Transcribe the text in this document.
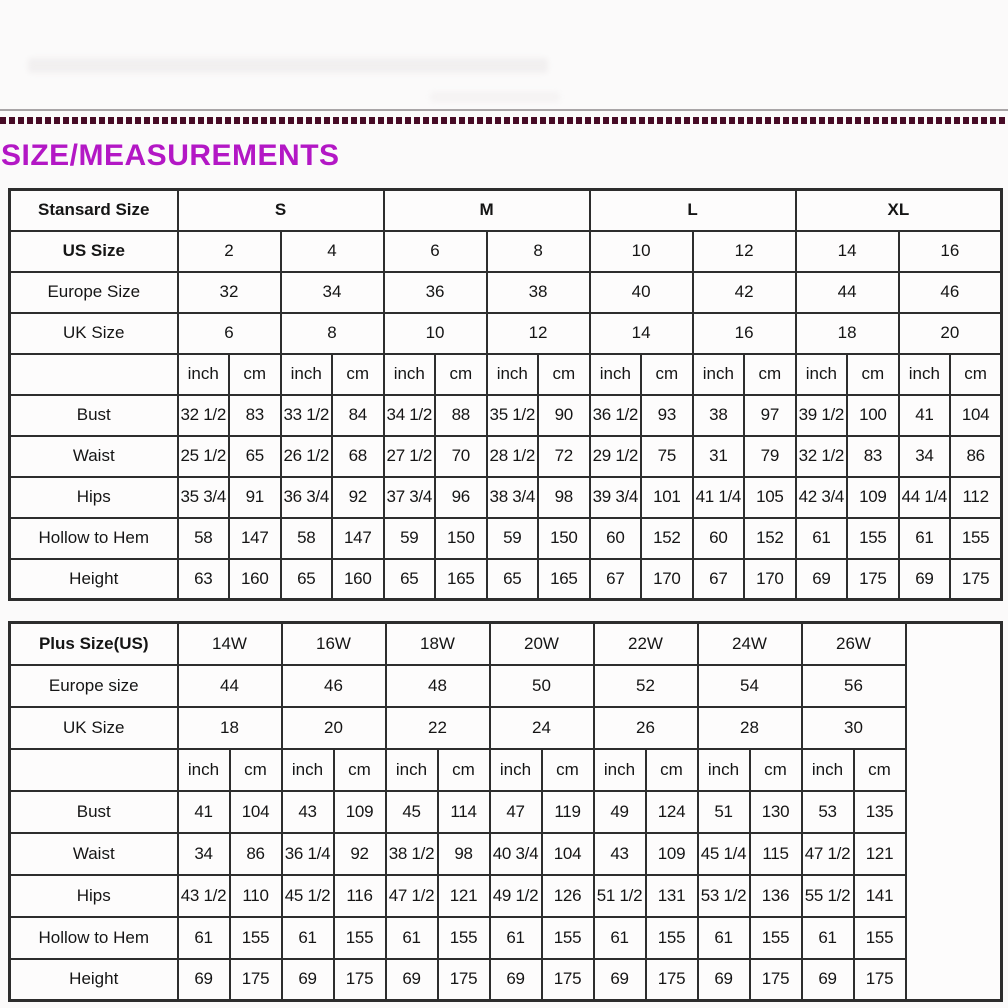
SIZE/MEASUREMENTS
Stansard Size	S				M				L				XL			
US Size	2		4		6		8		10		12		14		16	
Europe Size	32		34		36		38		40		42		44		46	
UK Size	6		8		10		12		14		16		18		20	
	inch	cm	inch	cm	inch	cm	inch	cm	inch	cm	inch	cm	inch	cm	inch	cm
Bust	32 1/2	83	33 1/2	84	34 1/2	88	35 1/2	90	36 1/2	93	38	97	39 1/2	100	41	104
Waist	25 1/2	65	26 1/2	68	27 1/2	70	28 1/2	72	29 1/2	75	31	79	32 1/2	83	34	86
Hips	35 3/4	91	36 3/4	92	37 3/4	96	38 3/4	98	39 3/4	101	41 1/4	105	42 3/4	109	44 1/4	112
Hollow to Hem	58	147	58	147	59	150	59	150	60	152	60	152	61	155	61	155
Height	63	160	65	160	65	165	65	165	67	170	67	170	69	175	69	175
Plus Size(US)	14W		16W		18W		20W		22W		24W		26W		
Europe size	44		46		48		50		52		54		56		
UK Size	18		20		22		24		26		28		30		
	inch	cm	inch	cm	inch	cm	inch	cm	inch	cm	inch	cm	inch	cm	
Bust	41	104	43	109	45	114	47	119	49	124	51	130	53	135	
Waist	34	86	36 1/4	92	38 1/2	98	40 3/4	104	43	109	45 1/4	115	47 1/2	121	
Hips	43 1/2	110	45 1/2	116	47 1/2	121	49 1/2	126	51 1/2	131	53 1/2	136	55 1/2	141	
Hollow to Hem	61	155	61	155	61	155	61	155	61	155	61	155	61	155	
Height	69	175	69	175	69	175	69	175	69	175	69	175	69	175	
